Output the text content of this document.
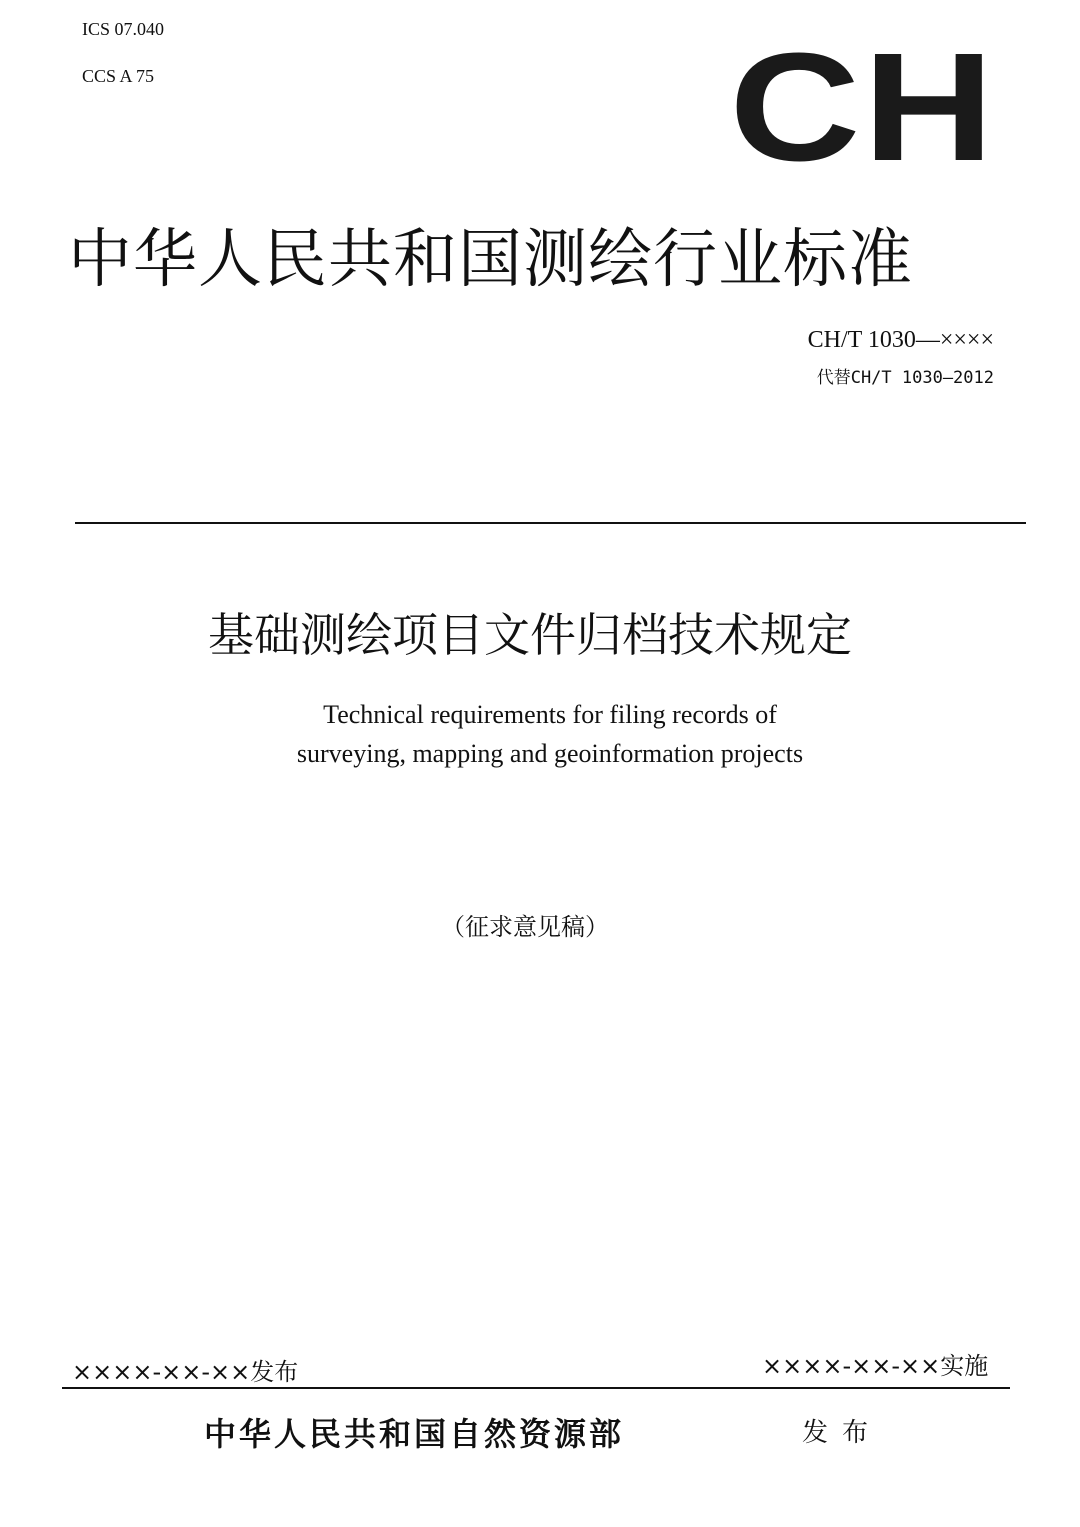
ICS 07.040
CCS A 75	CH
中华人民共和国测绘行业标准
CH/T 1030—××××
代替CH/T 1030—2012
基础测绘项目文件归档技术规定
Technical requirements for filing records of
surveying, mapping and geoinformation projects
（征求意见稿）
××××-××-××发布	××××-××-××实施
中华人民共和国自然资源部	发布
